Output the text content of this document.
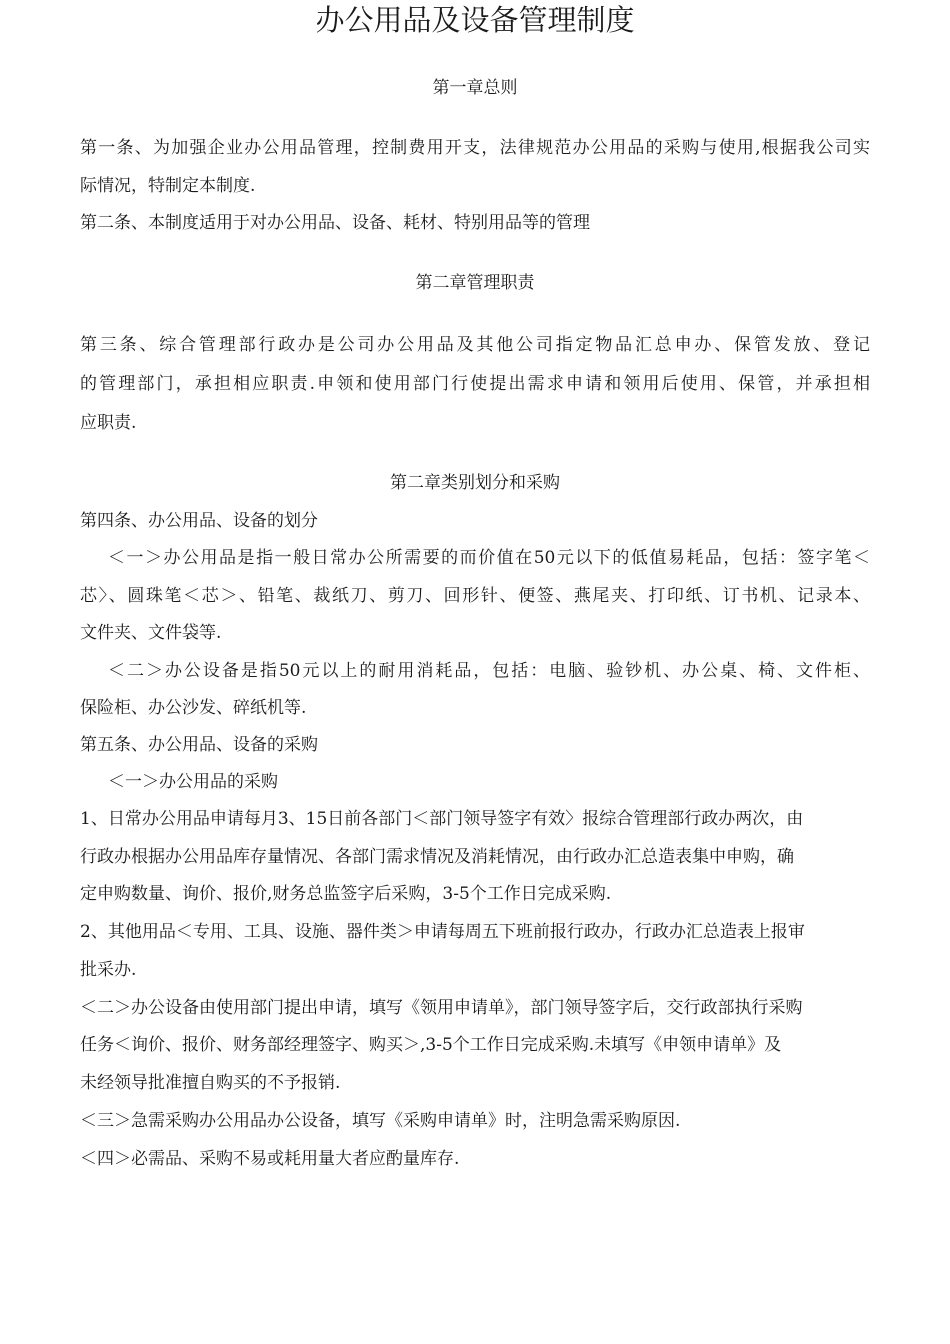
办公用品及设备管理制度
第一章总则
第一条、为加强企业办公用品管理，控制费用开支，法律规范办公用品的采购与使用,根据我公司实
际情况，特制定本制度.
第二条、本制度适用于对办公用品、设备、耗材、特别用品等的管理
第二章管理职责
第三条、综合管理部行政办是公司办公用品及其他公司指定物品汇总申办、保管发放、登记
的管理部门，承担相应职责.申领和使用部门行使提出需求申请和领用后使用、保管，并承担相
应职责.
第二章类别划分和采购
第四条、办公用品、设备的划分
＜一＞办公用品是指一般日常办公所需要的而价值在50元以下的低值易耗品，包括：签字笔＜
芯〉、圆珠笔＜芯＞、铅笔、裁纸刀、剪刀、回形针、便签、燕尾夹、打印纸、订书机、记录本、
文件夹、文件袋等.
＜二＞办公设备是指50元以上的耐用消耗品，包括：电脑、验钞机、办公桌、椅、文件柜、
保险柜、办公沙发、碎纸机等.
第五条、办公用品、设备的采购
＜一＞办公用品的采购
1、日常办公用品申请每月3、15日前各部门＜部门领导签字有效〉报综合管理部行政办两次，由
行政办根据办公用品库存量情况、各部门需求情况及消耗情况，由行政办汇总造表集中申购，确
定申购数量、询价、报价,财务总监签字后采购，3-5个工作日完成采购.
2、其他用品＜专用、工具、设施、器件类＞申请每周五下班前报行政办，行政办汇总造表上报审
批采办.
＜二＞办公设备由使用部门提出申请，填写《领用申请单》，部门领导签字后，交行政部执行采购
任务＜询价、报价、财务部经理签字、购买＞,3-5个工作日完成采购.未填写《申领申请单》及
未经领导批准擅自购买的不予报销.
＜三＞急需采购办公用品办公设备，填写《采购申请单》时，注明急需采购原因.
＜四＞必需品、采购不易或耗用量大者应酌量库存.
